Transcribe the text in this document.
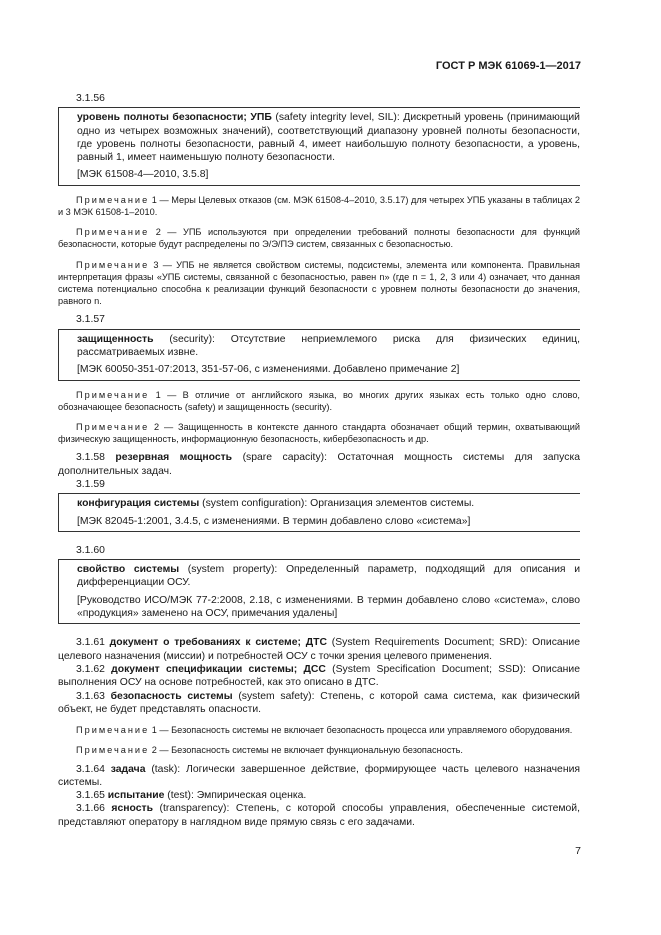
ГОСТ Р МЭК 61069-1—2017
3.1.56

уровень полноты безопасности; УПБ (safety integrity level, SIL): Дискретный уровень (принимающий одно из четырех возможных значений), соответствующий диапазону уровней полноты безопасности, где уровень полноты безопасности, равный 4, имеет наибольшую полноту безопасности, а уровень, равный 1, имеет наименьшую полноту безопасности.

[МЭК 61508-4—2010, 3.5.8]

Примечание 1 — Меры Целевых отказов (см. МЭК 61508-4–2010, 3.5.17) для четырех УПБ указаны в таблицах 2 и 3 МЭК 61508-1–2010.

Примечание 2 — УПБ используются при определении требований полноты безопасности для функций безопасности, которые будут распределены по Э/Э/ПЭ систем, связанных с безопасностью.

Примечание 3 — УПБ не является свойством системы, подсистемы, элемента или компонента. Правильная интерпретация фразы «УПБ системы, связанной с безопасностью, равен n» (где n = 1, 2, 3 или 4) означает, что данная система потенциально способна к реализации функций безопасности с уровнем полноты безопасности до значения, равного n.

3.1.57

защищенность (security): Отсутствие неприемлемого риска для физических единиц, рассматриваемых извне.

[МЭК 60050-351-07:2013, 351-57-06, с изменениями. Добавлено примечание 2]

Примечание 1 — В отличие от английского языка, во многих других языках есть только одно слово, обозначающее безопасность (safety) и защищенность (security).

Примечание 2 — Защищенность в контексте данного стандарта обозначает общий термин, охватывающий физическую защищенность, информационную безопасность, кибербезопасность и др.

3.1.58 резервная мощность (spare capacity): Остаточная мощность системы для запуска дополнительных задач.

3.1.59

конфигурация системы (system configuration): Организация элементов системы.

[МЭК 82045-1:2001, 3.4.5, с изменениями. В термин добавлено слово «система»]

3.1.60

свойство системы (system property): Определенный параметр, подходящий для описания и дифференциации ОСУ.

[Руководство ИСО/МЭК 77-2:2008, 2.18, с изменениями. В термин добавлено слово «система», слово «продукция» заменено на ОСУ, примечания удалены]

3.1.61 документ о требованиях к системе; ДТС (System Requirements Document; SRD): Описание целевого назначения (миссии) и потребностей ОСУ с точки зрения целевого применения.

3.1.62 документ спецификации системы; ДСС (System Specification Document; SSD): Описание выполнения ОСУ на основе потребностей, как это описано в ДТС.

3.1.63 безопасность системы (system safety): Степень, с которой сама система, как физический объект, не будет представлять опасности.

Примечание 1 — Безопасность системы не включает безопасность процесса или управляемого оборудования.

Примечание 2 — Безопасность системы не включает функциональную безопасность.

3.1.64 задача (task): Логически завершенное действие, формирующее часть целевого назначения системы.

3.1.65 испытание (test): Эмпирическая оценка.

3.1.66 ясность (transparency): Степень, с которой способы управления, обеспеченные системой, представляют оператору в наглядном виде прямую связь с его задачами.

7
